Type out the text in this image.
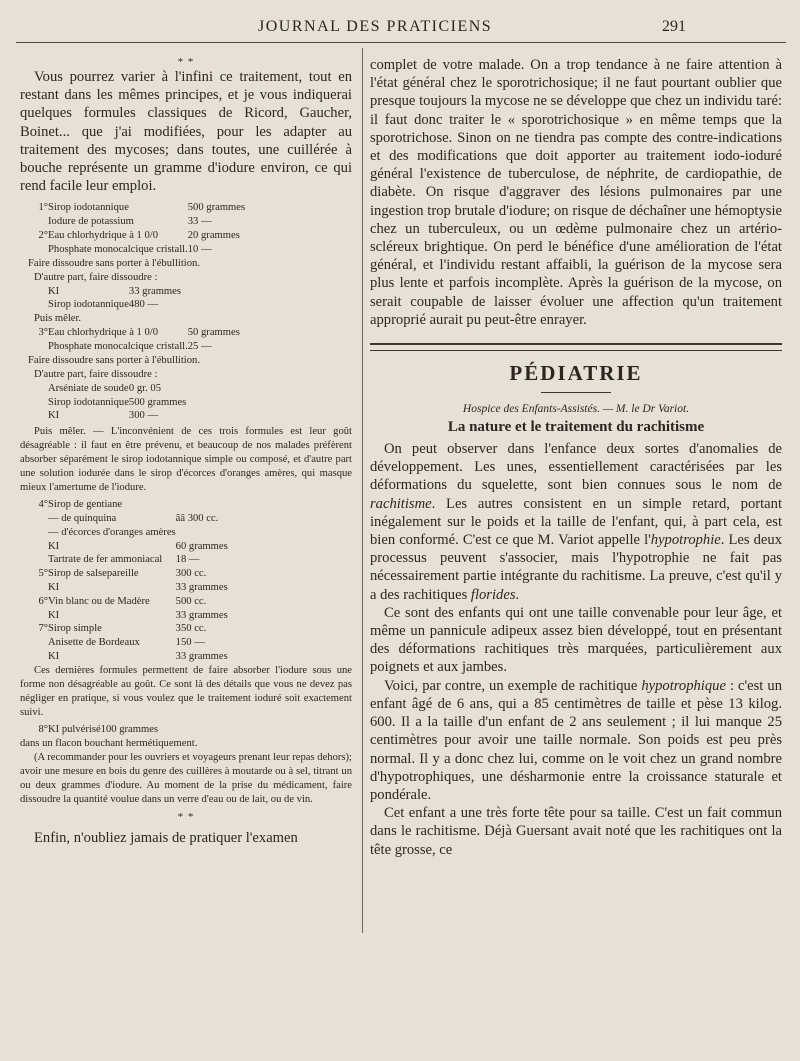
JOURNAL DES PRATICIENS	291
* *

Vous pourrez varier à l'infini ce traitement, tout en restant dans les mêmes principes, et je vous indiquerai quelques formules classiques de Ricord, Gaucher, Boinet... que j'ai modifiées, pour les adapter au traitement des mycoses; dans toutes, une cuillérée à bouche représente un gramme d'iodure environ, ce qui rend facile leur emploi.

1°	Sirop iodotannique	500 grammes
	Iodure de potassium	33 —
2°	Eau chlorhydrique à 1 0/0	20 grammes
	Phosphate monocalcique cristall.	10 —

Faire dissoudre sans porter à l'ébullition.

D'autre part, faire dissoudre :

	KI	33 grammes
	Sirop iodotannique	480 —

Puis mêler.

3°	Eau chlorhydrique à 1 0/0	50 grammes
	Phosphate monocalcique cristall.	25 —

Faire dissoudre sans porter à l'ébullition.

D'autre part, faire dissoudre :

	Arséniate de soude	0 gr. 05
	Sirop iodotannique	500 grammes
	KI	300 —

Puis mêler. — L'inconvénient de ces trois formules est leur goût désagréable : il faut en être prévenu, et beaucoup de nos malades préfèrent absorber séparément le sirop iodotannique simple ou composé, et d'autre part une solution iodurée dans le sirop d'écorces d'oranges amères, qui masque mieux l'amertume de l'iodure.

4°	Sirop de gentiane	
	— de quinquina	ââ 300 cc.
	— d'écorces d'oranges amères	
	KI	60 grammes
	Tartrate de fer ammoniacal	18 —
5°	Sirop de salsepareille	300 cc.
	KI	33 grammes
6°	Vin blanc ou de Madère	500 cc.
	KI	33 grammes
7°	Sirop simple	350 cc.
	Anisette de Bordeaux	150 —
	KI	33 grammes

Ces dernières formules permettent de faire absorber l'iodure sous une forme non désagréable au goût. Ce sont là des détails que vous ne devez pas négliger en pratique, si vous voulez que le traitement ioduré soit exactement suivi.

8°	KI pulvérisé	100 grammes

dans un flacon bouchant hermétiquement.

(A recommander pour les ouvriers et voyageurs prenant leur repas dehors); avoir une mesure en bois du genre des cuillères à moutarde ou à sel, titrant un ou deux grammes d'iodure. Au moment de la prise du médicament, faire dissoudre la quantité voulue dans un verre d'eau ou de lait, ou de vin.

* *

Enfin, n'oubliez jamais de pratiquer l'examen

complet de votre malade. On a trop tendance à ne faire attention à l'état général chez le sporotrichosique; il ne faut pourtant oublier que presque toujours la mycose ne se développe que chez un individu taré: il faut donc traiter le « sporotrichosique » en même temps que la sporotrichose. Sinon on ne tiendra pas compte des contre-indications et des modifications que doit apporter au traitement iodo-ioduré général l'existence de tuberculose, de néphrite, de cardiopathie, de diabète. On risque d'aggraver des lésions pulmonaires par une ingestion trop brutale d'iodure; on risque de déchaîner une hémoptysie chez un tuberculeux, ou un œdème pulmonaire chez un artério-scléreux brightique. On perd le bénéfice d'une amélioration de l'état général, et l'individu restant affaibli, la guérison de la mycose sera plus lente et parfois incomplète. Après la guérison de la mycose, on serait coupable de laisser évoluer une affection qu'un traitement approprié aurait pu peut-être enrayer.

PÉDIATRIE

Hospice des Enfants-Assistés. — M. le Dr Variot.

La nature et le traitement du rachitisme

On peut observer dans l'enfance deux sortes d'anomalies de développement. Les unes, essentiellement caractérisées par les déformations du squelette, sont bien connues sous le nom de rachitisme. Les autres consistent en un simple retard, portant inégalement sur le poids et la taille de l'enfant, qui, à part cela, est bien conformé. C'est ce que M. Variot appelle l'hypotrophie. Les deux processus peuvent s'associer, mais l'hypotrophie ne fait pas nécessairement partie intégrante du rachitisme. La preuve, c'est qu'il y a des rachitiques florides.

Ce sont des enfants qui ont une taille convenable pour leur âge, et même un pannicule adipeux assez bien développé, tout en présentant des déformations rachitiques très marquées, particulièrement aux poignets et aux jambes.

Voici, par contre, un exemple de rachitique hypotrophique : c'est un enfant âgé de 6 ans, qui a 85 centimètres de taille et pèse 13 kilog. 600. Il a la taille d'un enfant de 2 ans seulement ; il lui manque 25 centimètres pour avoir une taille normale. Son poids est peu près normal. Il y a donc chez lui, comme on le voit chez un grand nombre d'hypotrophiques, une désharmonie entre la croissance staturale et pondérale.

Cet enfant a une très forte tête pour sa taille. C'est un fait commun dans le rachitisme. Déjà Guersant avait noté que les rachitiques ont la tête grosse, ce
